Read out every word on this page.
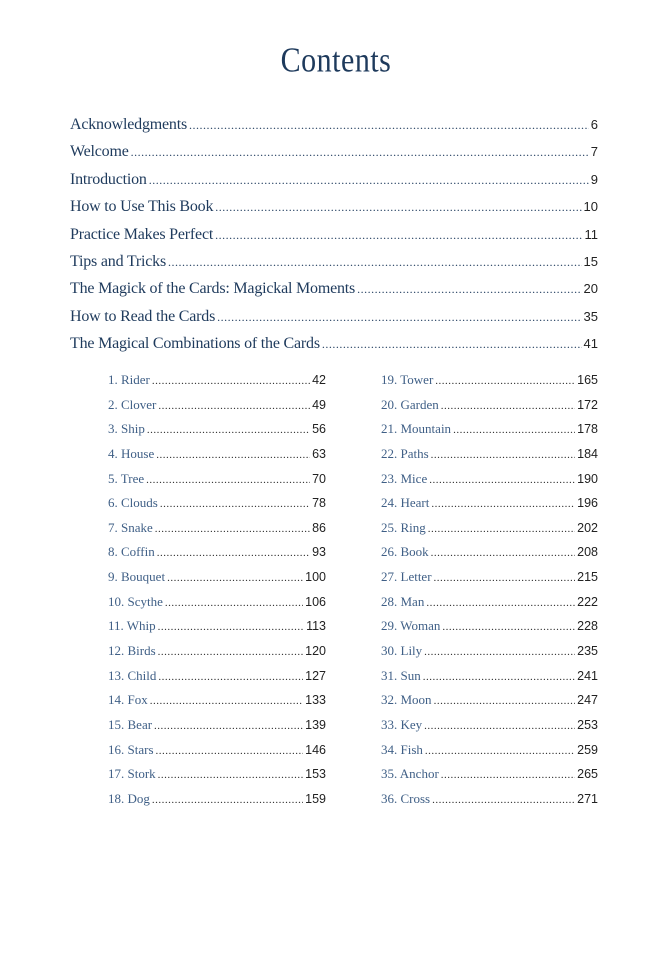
Contents
Acknowledgments .....	6
Welcome .....	7
Introduction .....	9
How to Use This Book .....	10
Practice Makes Perfect .....	11
Tips and Tricks .....	15
The Magick of the Cards: Magickal Moments .....	20
How to Read the Cards .....	35
The Magical Combinations of the Cards .....	41
1. Rider .....	42
2. Clover .....	49
3. Ship .....	56
4. House .....	63
5. Tree .....	70
6. Clouds .....	78
7. Snake .....	86
8. Coffin .....	93
9. Bouquet .....	100
10. Scythe .....	106
11. Whip .....	113
12. Birds .....	120
13. Child .....	127
14. Fox .....	133
15. Bear .....	139
16. Stars .....	146
17. Stork .....	153
18. Dog .....	159
19. Tower .....	165
20. Garden .....	172
21. Mountain .....	178
22. Paths .....	184
23. Mice .....	190
24. Heart .....	196
25. Ring .....	202
26. Book .....	208
27. Letter .....	215
28. Man .....	222
29. Woman .....	228
30. Lily .....	235
31. Sun .....	241
32. Moon .....	247
33. Key .....	253
34. Fish .....	259
35. Anchor .....	265
36. Cross .....	271
